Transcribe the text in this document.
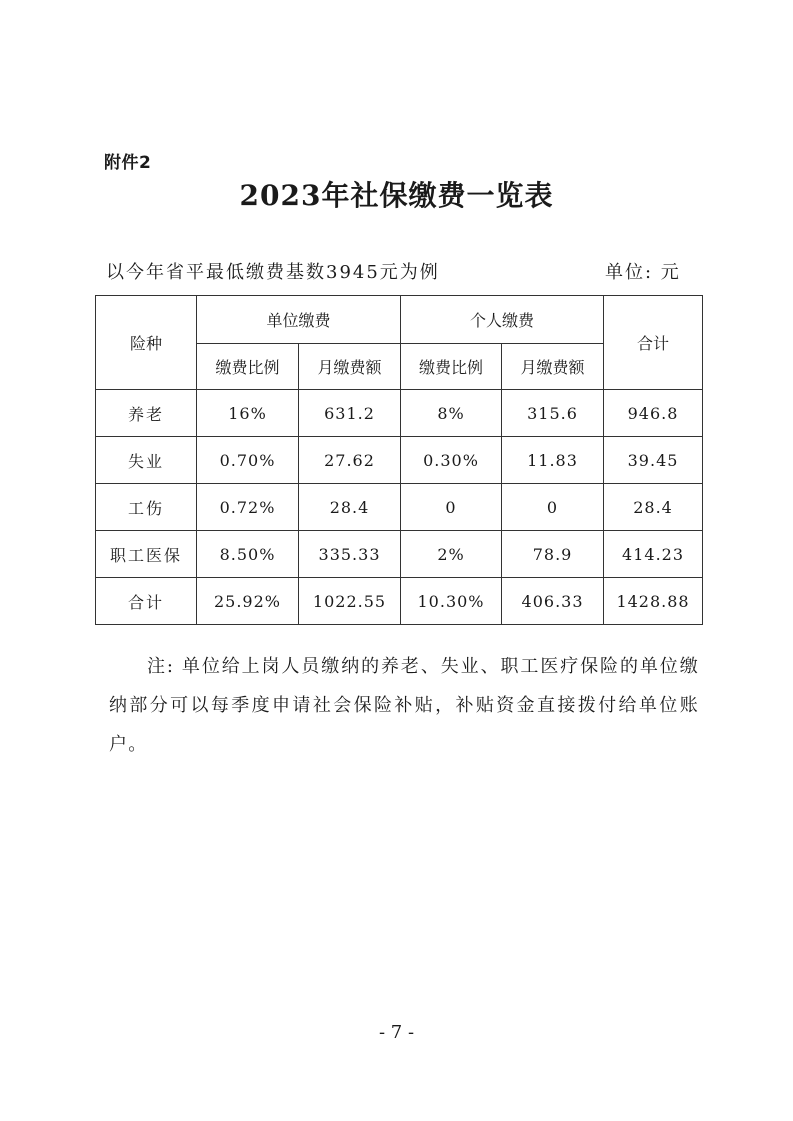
附件2
2023年社保缴费一览表
以今年省平最低缴费基数3945元为例	单位: 元
险种	单位缴费		个人缴费		合计
	缴费比例	月缴费额	缴费比例	月缴费额	
养老	16%	631.2	8%	315.6	946.8
失业	0.70%	27.62	0.30%	11.83	39.45
工伤	0.72%	28.4	0	0	28.4
职工医保	8.50%	335.33	2%	78.9	414.23
合计	25.92%	1022.55	10.30%	406.33	1428.88
注: 单位给上岗人员缴纳的养老、失业、职工医疗保险的单位缴纳部分可以每季度申请社会保险补贴，补贴资金直接拨付给单位账户。
- 7 -
